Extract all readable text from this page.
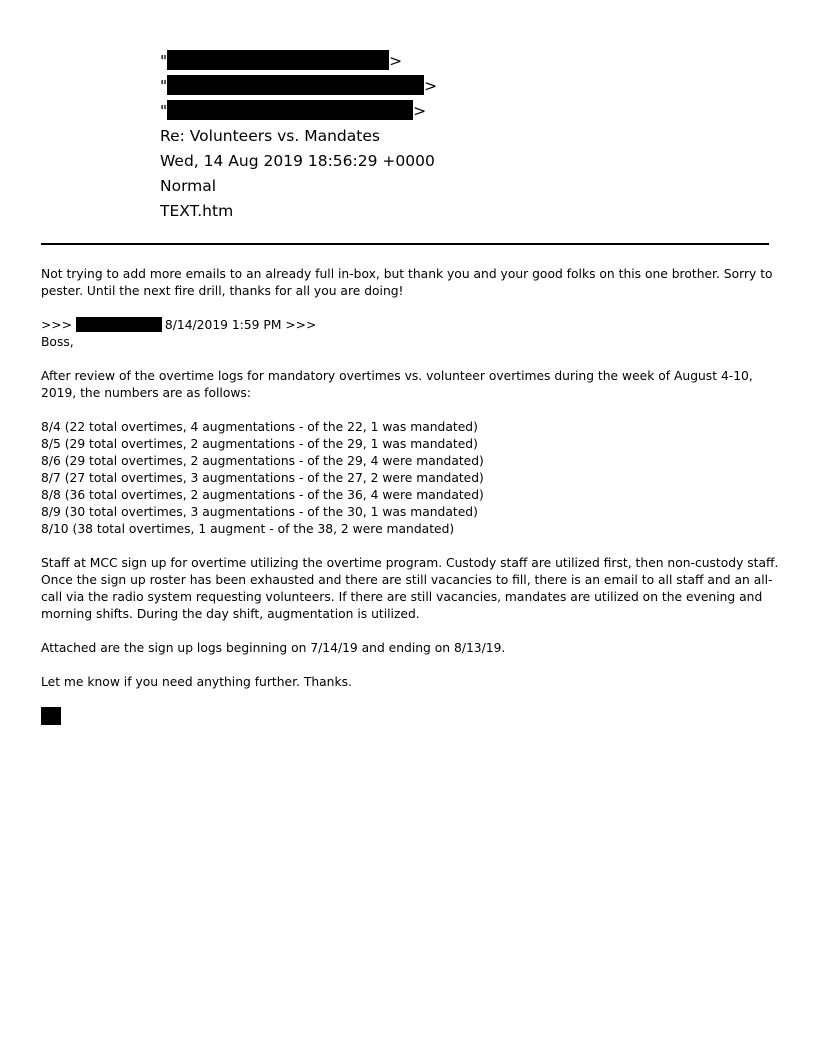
"	>
"	>
"	>
Re: Volunteers vs. Mandates
Wed, 14 Aug 2019 18:56:29 +0000
Normal
TEXT.htm

Not trying to add more emails to an already full in-box, but thank you and your good folks on this one brother. Sorry to pester. Until the next fire drill, thanks for all you are doing!

>>>	8/14/2019 1:59 PM >>>

Boss,

After review of the overtime logs for mandatory overtimes vs. volunteer overtimes during the week of August 4-10, 2019, the numbers are as follows:

8/4 (22 total overtimes, 4 augmentations - of the 22, 1 was mandated)

8/5 (29 total overtimes, 2 augmentations - of the 29, 1 was mandated)

8/6 (29 total overtimes, 2 augmentations - of the 29, 4 were mandated)

8/7 (27 total overtimes, 3 augmentations - of the 27, 2 were mandated)

8/8 (36 total overtimes, 2 augmentations - of the 36, 4 were mandated)

8/9 (30 total overtimes, 3 augmentations - of the 30, 1 was mandated)

8/10 (38 total overtimes, 1 augment - of the 38, 2 were mandated)

Staff at MCC sign up for overtime utilizing the overtime program. Custody staff are utilized first, then non-custody staff. Once the sign up roster has been exhausted and there are still vacancies to fill, there is an email to all staff and an all-call via the radio system requesting volunteers. If there are still vacancies, mandates are utilized on the evening and morning shifts. During the day shift, augmentation is utilized.

Attached are the sign up logs beginning on 7/14/19 and ending on 8/13/19.

Let me know if you need anything further. Thanks.
